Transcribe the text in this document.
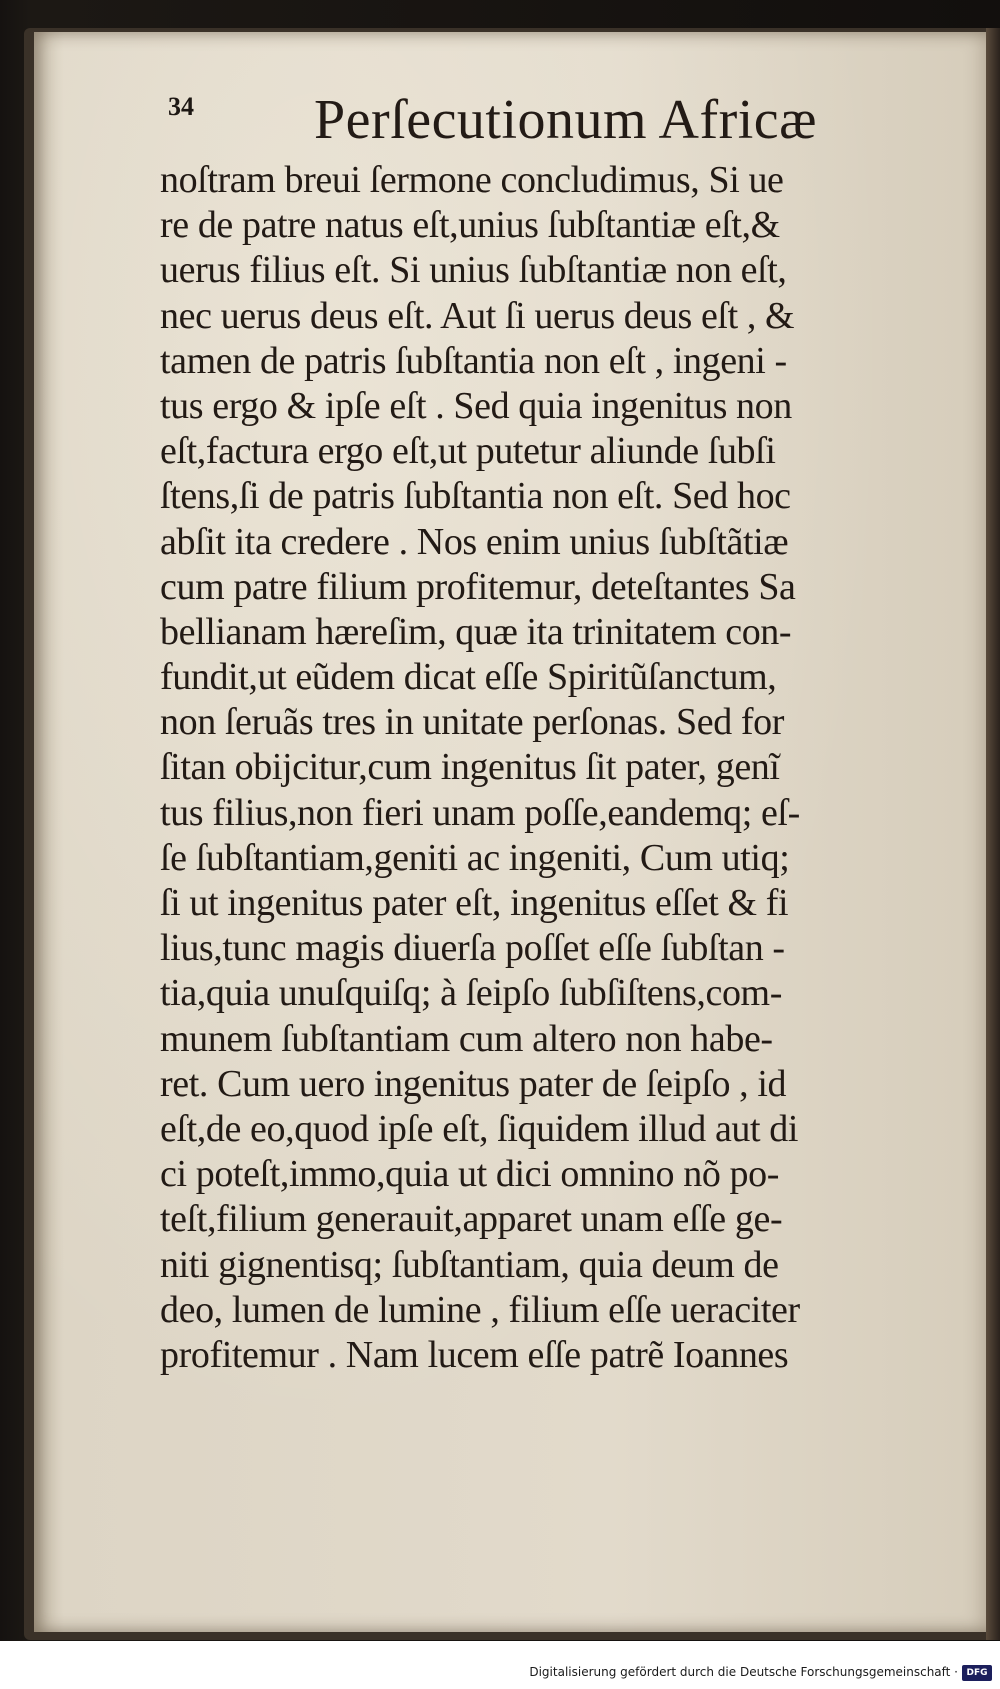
34 Perſecutionum Africæ
noſtram breui ſermone concludimus, Si ue
re de patre natus eſt,unius ſubſtantiæ eſt,&
uerus filius eſt. Si unius ſubſtantiæ non eſt,
nec uerus deus eſt. Aut ſi uerus deus eſt , &
tamen de patris ſubſtantia non eſt , ingeni -
tus ergo & ipſe eſt . Sed quia ingenitus non
eſt,factura ergo eſt,ut putetur aliunde ſubſi
ſtens,ſi de patris ſubſtantia non eſt. Sed hoc
abſit ita credere . Nos enim unius ſubſtãtiæ
cum patre filium profitemur, deteſtantes Sa
bellianam hæreſim, quæ ita trinitatem con-
fundit,ut eũdem dicat eſſe Spiritũſanctum,
non ſeruãs tres in unitate perſonas. Sed for
ſitan obijcitur,cum ingenitus ſit pater, genĩ
tus filius,non fieri unam poſſe,eandemq; eſ-
ſe ſubſtantiam,geniti ac ingeniti, Cum utiq;
ſi ut ingenitus pater eſt, ingenitus eſſet & fi
lius,tunc magis diuerſa poſſet eſſe ſubſtan -
tia,quia unuſquiſq; à ſeipſo ſubſiſtens,com-
munem ſubſtantiam cum altero non habe-
ret. Cum uero ingenitus pater de ſeipſo , id
eſt,de eo,quod ipſe eſt, ſiquidem illud aut di
ci poteſt,immo,quia ut dici omnino nõ po-
teſt,filium generauit,apparet unam eſſe ge-
niti gignentisq; ſubſtantiam, quia deum de
deo, lumen de lumine , filium eſſe ueraciter
profitemur . Nam lucem eſſe patrẽ Ioannes
Digitalisierung gefördert durch die Deutsche Forschungsgemeinschaft · DFG
